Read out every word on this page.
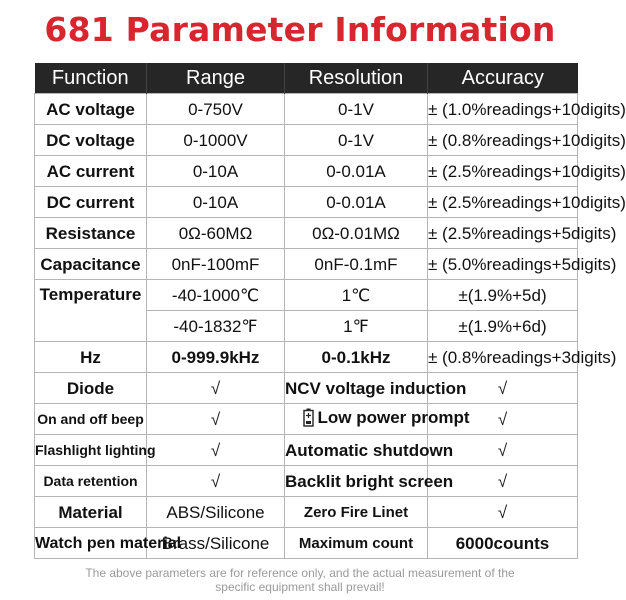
681 Parameter Information
Function	Range	Resolution	Accuracy
AC voltage	0-750V	0-1V	± (1.0%readings+10digits)
DC voltage	0-1000V	0-1V	± (0.8%readings+10digits)
AC current	0-10A	0-0.01A	± (2.5%readings+10digits)
DC current	0-10A	0-0.01A	± (2.5%readings+10digits)
Resistance	0Ω-60MΩ	0Ω-0.01MΩ	± (2.5%readings+5digits)
Capacitance	0nF-100mF	0nF-0.1mF	± (5.0%readings+5digits)
Temperature	-40-1000℃	1℃	±(1.9%+5d)
	-40-1832℉	1℉	±(1.9%+6d)
Hz	0-999.9kHz	0-0.1kHz	± (0.8%readings+3digits)
Diode	√	NCV voltage induction	√
On and off beep	√	Low power prompt	√
Flashlight lighting	√	Automatic shutdown	√
Data retention	√	Backlit bright screen	√
Material	ABS/Silicone	Zero Fire Linet	√
Watch pen material	Brass/Silicone	Maximum count	6000counts
The above parameters are for reference only, and the actual measurement of the specific equipment shall prevail!
